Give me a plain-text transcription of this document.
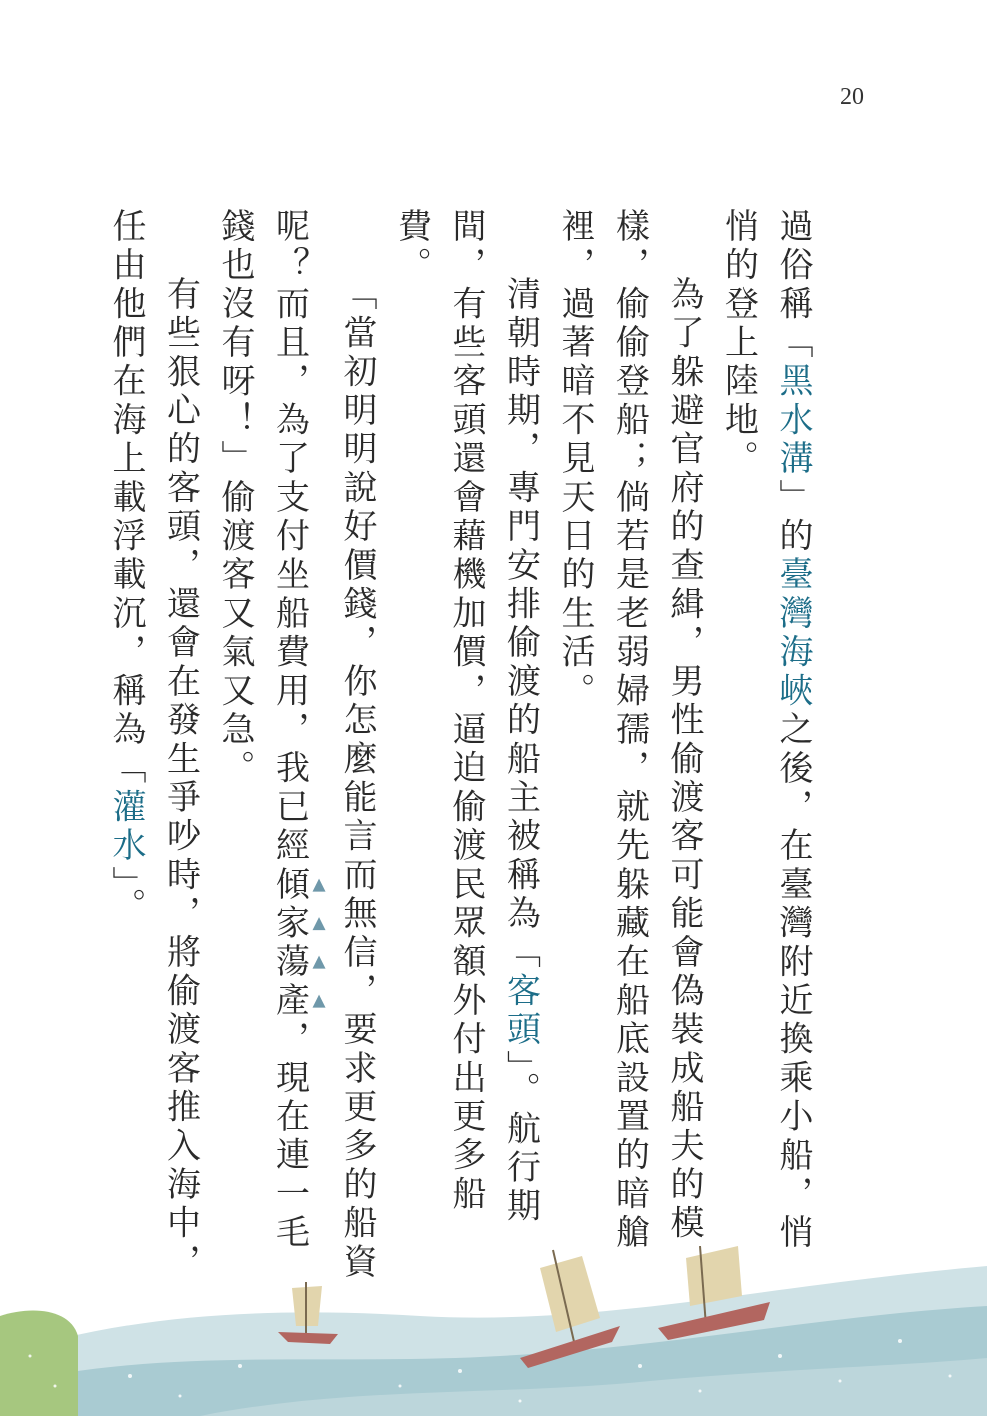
20
過俗稱「黑水溝」的臺灣海峽之後，在臺灣附近換乘小船，悄悄的登上陸地。
為了躲避官府的查緝，男性偷渡客可能會偽裝成船夫的模樣，偷偷登船；倘若是老弱婦孺，就先躲藏在船底設置的暗艙裡，過著暗不見天日的生活。
清朝時期，專門安排偷渡的船主被稱為「客頭」。航行期間，有些客頭還會藉機加價，逼迫偷渡民眾額外付出更多船費。
「當初明明說好價錢，你怎麼能言而無信，要求更多的船資呢？而且，為了支付坐船費用，我已經傾家蕩產，現在連一毛錢也沒有呀！」偷渡客又氣又急。
有些狠心的客頭，還會在發生爭吵時，將偷渡客推入海中，任由他們在海上載浮載沉，稱為「灌水」。
